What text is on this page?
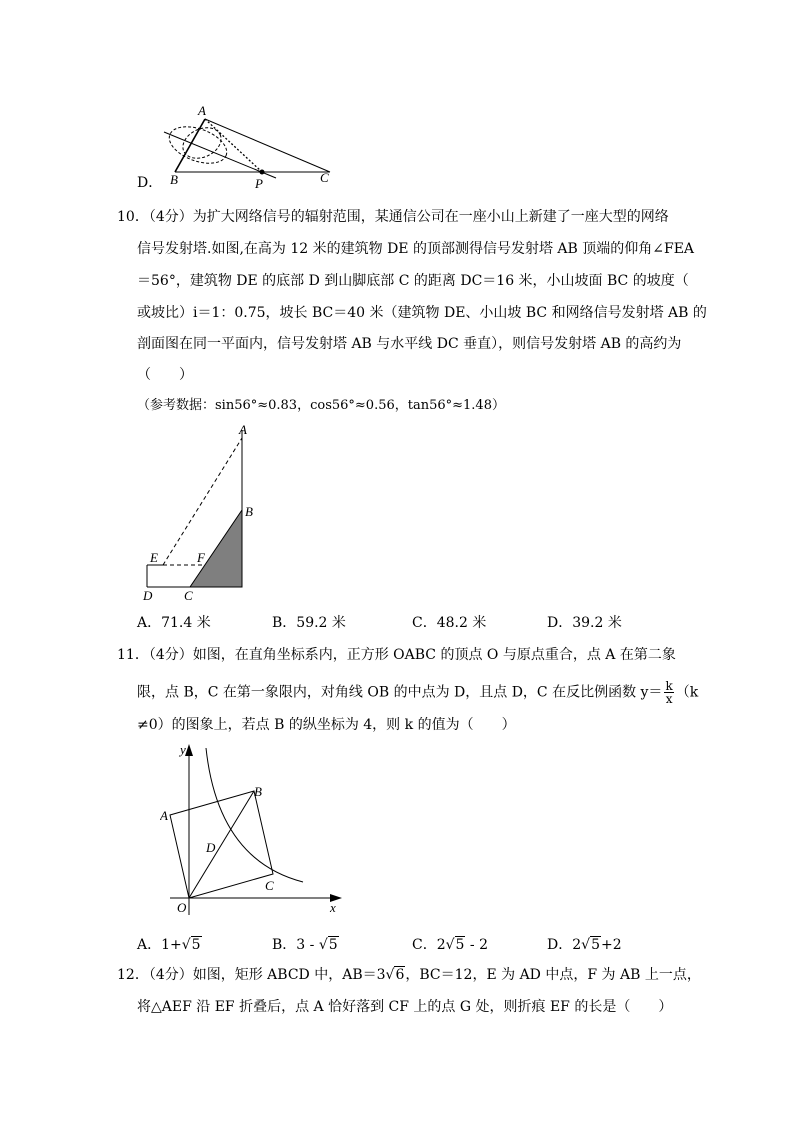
D．
A
B	P	C
10．（4分）为扩大网络信号的辐射范围，某通信公司在一座小山上新建了一座大型的网络
信号发射塔.如图,在高为 12 米的建筑物 DE 的顶部测得信号发射塔 AB 顶端的仰角∠FEA
＝56°，建筑物 DE 的底部 D 到山脚底部 C 的距离 DC＝16 米，小山坡面 BC 的坡度（
或坡比）i＝1：0.75，坡长 BC＝40 米（建筑物 DE、小山坡 BC 和网络信号发射塔 AB 的
剖面图在同一平面内，信号发射塔 AB 与水平线 DC 垂直），则信号发射塔 AB 的高约为
（　　）
（参考数据：sin56°≈0.83，cos56°≈0.56，tan56°≈1.48）
A
B
E	F
D C
A．71.4 米	B．59.2 米	C．48.2 米	D．39.2 米
11．（4分）如图，在直角坐标系内，正方形 OABC 的顶点 O 与原点重合，点 A 在第二象
限，点 B，C 在第一象限内，对角线 OB 的中点为 D，且点 D，C 在反比例函数 $y= \frac{k}{x} (k$
≠0）的图象上，若点 B 的纵坐标为 4，则 k 的值为（　　）
y
x
A
B
D
C
O
A．1+√5	B．3 - √5	C．2√5 - 2	D．2√5+2
12．（4分）如图，矩形 ABCD 中，AB＝3√6，BC＝12，E 为 AD 中点，F 为 AB 上一点，
将△AEF 沿 EF 折叠后，点 A 恰好落到 CF 上的点 G 处，则折痕 EF 的长是（　　）
